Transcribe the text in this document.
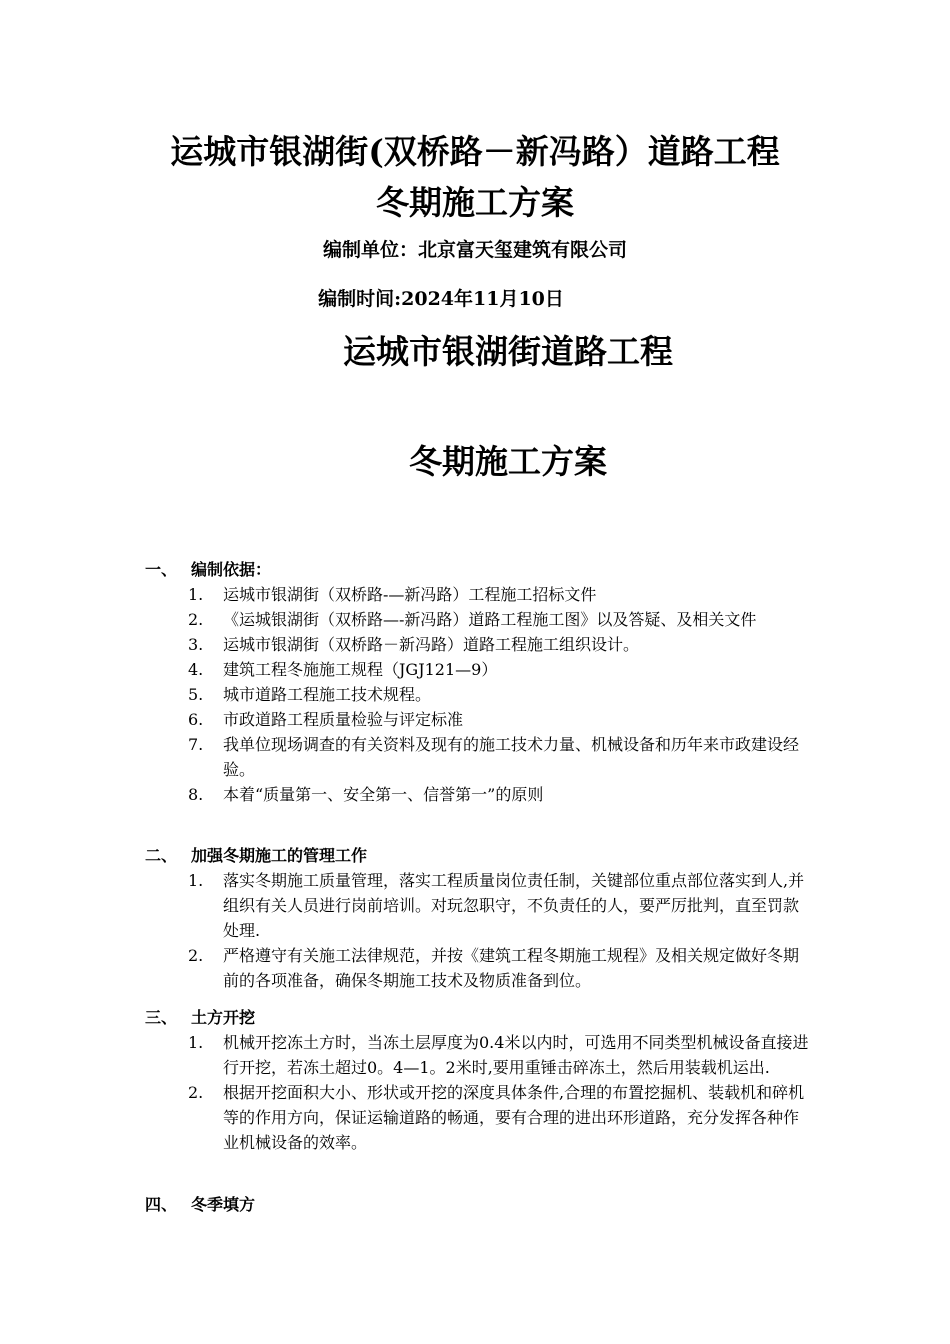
运城市银湖街(双桥路－新冯路）道路工程
冬期施工方案
编制单位：北京富天玺建筑有限公司
编制时间:2024年11月10日
运城市银湖街道路工程
冬期施工方案
一、 编制依据：
1.	运城市银湖街（双桥路-—新冯路）工程施工招标文件
2.	《运城银湖街（双桥路—-新冯路）道路工程施工图》以及答疑、及相关文件
3.	运城市银湖街（双桥路－新冯路）道路工程施工组织设计。
4.	建筑工程冬施施工规程（JGJ121—9）
5.	城市道路工程施工技术规程。
6.	市政道路工程质量检验与评定标准
7.	我单位现场调查的有关资料及现有的施工技术力量、机械设备和历年来市政建设经验。
8.	本着“质量第一、安全第一、信誉第一”的原则
二、 加强冬期施工的管理工作
1.	落实冬期施工质量管理，落实工程质量岗位责任制，关键部位重点部位落实到人,并组织有关人员进行岗前培训。对玩忽职守，不负责任的人，要严厉批判，直至罚款处理.
2.	严格遵守有关施工法律规范，并按《建筑工程冬期施工规程》及相关规定做好冬期前的各项准备，确保冬期施工技术及物质准备到位。
三、 土方开挖
1.	机械开挖冻土方时，当冻土层厚度为0.4米以内时，可选用不同类型机械设备直接进行开挖，若冻土超过0。4—1。2米时,要用重锤击碎冻土，然后用装载机运出.
2.	根据开挖面积大小、形状或开挖的深度具体条件,合理的布置挖掘机、装载机和碎机等的作用方向，保证运输道路的畅通，要有合理的进出环形道路，充分发挥各种作业机械设备的效率。
四、 冬季填方
